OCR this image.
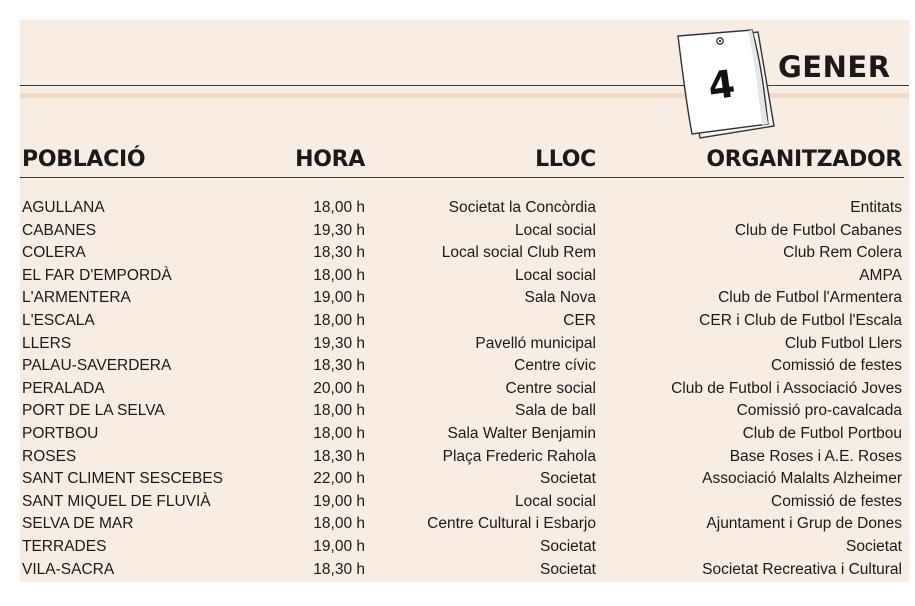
4 GENER
POBLACIÓ	HORA	LLOC	ORGANITZADOR
AGULLANA	18,00 h	Societat la Concòrdia	Entitats
CABANES	19,30 h	Local social	Club de Futbol Cabanes
COLERA	18,30 h	Local social Club Rem	Club Rem Colera
EL FAR D'EMPORDÀ	18,00 h	Local social	AMPA
L'ARMENTERA	19,00 h	Sala Nova	Club de Futbol l'Armentera
L'ESCALA	18,00 h	CER	CER i Club de Futbol l'Escala
LLERS	19,30 h	Pavelló municipal	Club Futbol Llers
PALAU-SAVERDERA	18,30 h	Centre cívic	Comissió de festes
PERALADA	20,00 h	Centre social	Club de Futbol i Associació Joves
PORT DE LA SELVA	18,00 h	Sala de ball	Comissió pro-cavalcada
PORTBOU	18,00 h	Sala Walter Benjamin	Club de Futbol Portbou
ROSES	18,30 h	Plaça Frederic Rahola	Base Roses i A.E. Roses
SANT CLIMENT SESCEBES	22,00 h	Societat	Associació Malalts Alzheimer
SANT MIQUEL DE FLUVIÀ	19,00 h	Local social	Comissió de festes
SELVA DE MAR	18,00 h	Centre Cultural i Esbarjo	Ajuntament i Grup de Dones
TERRADES	19,00 h	Societat	Societat
VILA-SACRA	18,30 h	Societat	Societat Recreativa i Cultural
